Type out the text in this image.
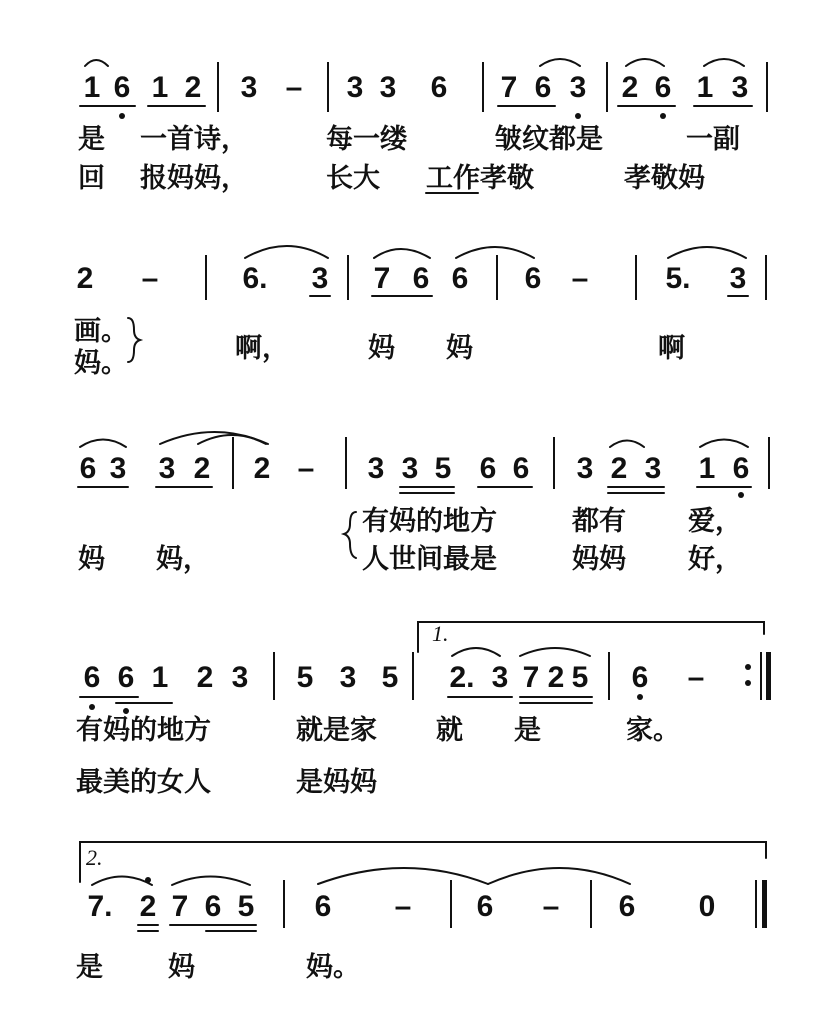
1 6 1 2 3 – 3 3 6 7 6 3 2 6 1 3
是 一首诗，	每一缕	皱纹都是	一副
回 报妈妈，	长大 工作孝敬	孝敬妈
2 –	6. 3 7 6 6 6 –	5. 3
画。
妈。	啊，	妈 妈	啊
6 3 3 2 2 – 3 3 5 6 6 3 2 3 1 6
妈 妈，
有妈的地方	都有 爱，
人世间最是	妈妈 好，
1.
6 6 1 2 3 5 3 5 2. 3 7 2 5 6 –
有妈的地方	就是家 就 是	家。
最美的女人	是妈妈
2.
7. 2 7 6 5 6 – 6 – 6 0
是 妈	妈。
